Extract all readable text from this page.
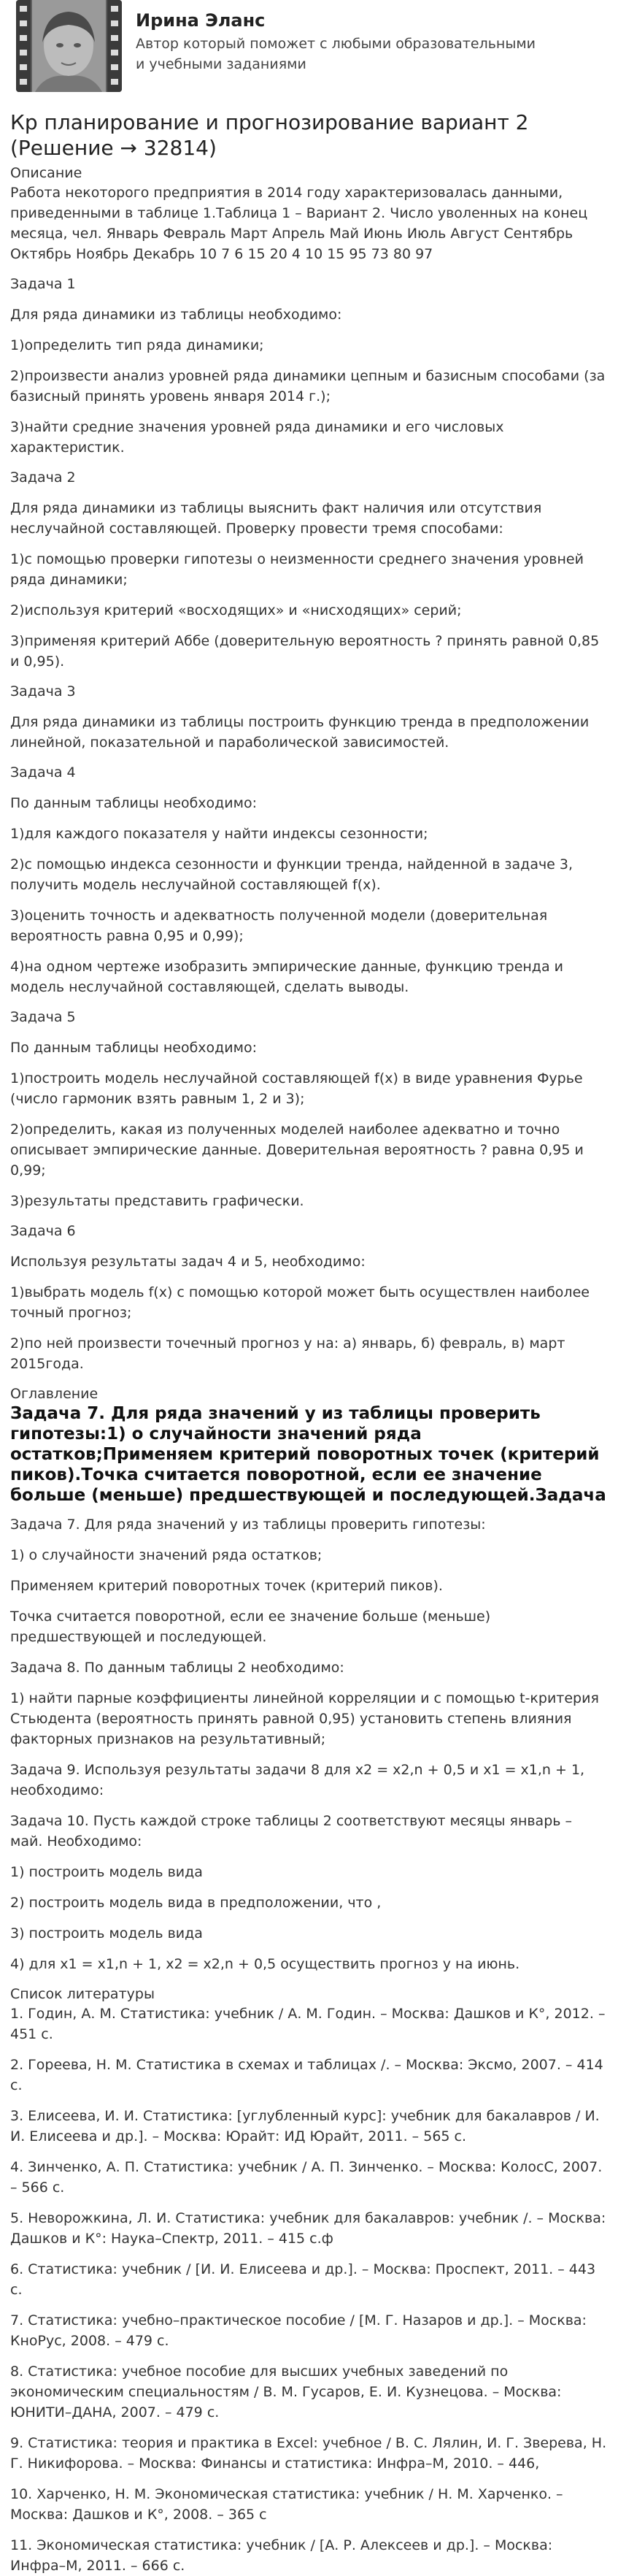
Ирина Эланс
Автор который поможет с любыми образовательными и учебными заданиями
Кр планирование и прогнозирование вариант 2 (Решение → 32814)
Описание
Работа некоторого предприятия в 2014 году характеризовалась данными, приведенными в таблице 1.Таблица 1 – Вариант 2. Число уволенных на конец месяца, чел. Январь Февраль Март Апрель Май Июнь Июль Август Сентябрь Октябрь Ноябрь Декабрь 10 7 6 15 20 4 10 15 95 73 80 97
Задача 1
Для ряда динамики из таблицы необходимо:
1)определить тип ряда динамики;
2)произвести анализ уровней ряда динамики цепным и базисным способами (за базисный принять уровень января 2014 г.);
3)найти средние значения уровней ряда динамики и его числовых характеристик.
Задача 2
Для ряда динамики из таблицы выяснить факт наличия или отсутствия неслучайной составляющей. Проверку провести тремя способами:
1)с помощью проверки гипотезы о неизменности среднего значения уровней ряда динамики;
2)используя критерий «восходящих» и «нисходящих» серий;
3)применяя критерий Аббе (доверительную вероятность ? принять равной 0,85 и 0,95).
Задача 3
Для ряда динамики из таблицы построить функцию тренда в предположении линейной, показательной и параболической зависимостей.
Задача 4
По данным таблицы необходимо:
1)для каждого показателя у найти индексы сезонности;
2)с помощью индекса сезонности и функции тренда, найденной в задаче 3, получить модель неслучайной составляющей f(x).
3)оценить точность и адекватность полученной модели (доверительная вероятность равна 0,95 и 0,99);
4)на одном чертеже изобразить эмпирические данные, функцию тренда и модель неслучайной составляющей, сделать выводы.
Задача 5
По данным таблицы необходимо:
1)построить модель неслучайной составляющей f(x) в виде уравнения Фурье (число гармоник взять равным 1, 2 и 3);
2)определить, какая из полученных моделей наиболее адекватно и точно описывает эмпирические данные. Доверительная вероятность ? равна 0,95 и 0,99;
3)результаты представить графически.
Задача 6
Используя результаты задач 4 и 5, необходимо:
1)выбрать модель f(x) с помощью которой может быть осуществлен наиболее точный прогноз;
2)по ней произвести точечный прогноз у на: а) январь, б) февраль, в) март 2015года.
Оглавление
Задача 7. Для ряда значений у из таблицы проверить гипотезы:1) о случайности значений ряда остатков;Применяем критерий поворотных точек (критерий пиков).Точка считается поворотной, если ее значение больше (меньше) предшествующей и последующей.Задача
Задача 7. Для ряда значений у из таблицы проверить гипотезы:
1) о случайности значений ряда остатков;
Применяем критерий поворотных точек (критерий пиков).
Точка считается поворотной, если ее значение больше (меньше) предшествующей и последующей.
Задача 8. По данным таблицы 2 необходимо:
1) найти парные коэффициенты линейной корреляции и с помощью t-критерия Стьюдента (вероятность принять равной 0,95) установить степень влияния факторных признаков на результативный;
Задача 9. Используя результаты задачи 8 для х2 = х2,n + 0,5 и х1 = х1,n + 1, необходимо:
Задача 10. Пусть каждой строке таблицы 2 соответствуют месяцы январь – май. Необходимо:
1) построить модель вида
2) построить модель вида в предположении, что ,
3) построить модель вида
4) для х1 = х1,n + 1, х2 = х2,n + 0,5 осуществить прогноз у на июнь.
Список литературы
1. Годин, А. М. Статистика: учебник / А. М. Годин. – Москва: Дашков и К°, 2012. – 451 с.
2. Гореева, Н. М. Статистика в схемах и таблицах /. – Москва: Эксмо, 2007. – 414 с.
3. Елисеева, И. И. Статистика: [углубленный курс]: учебник для бакалавров / И. И. Елисеева и др.]. – Москва: Юрайт: ИД Юрайт, 2011. – 565 с.
4. Зинченко, А. П. Статистика: учебник / А. П. Зинченко. – Москва: КолосС, 2007. – 566 с.
5. Неворожкина, Л. И. Статистика: учебник для бакалавров: учебник /. – Москва: Дашков и К°: Наука–Спектр, 2011. – 415 с.ф
6. Статистика: учебник / [И. И. Елисеева и др.]. – Москва: Проспект, 2011. – 443 с.
7. Статистика: учебно–практическое пособие / [М. Г. Назаров и др.]. – Москва: КноРус, 2008. – 479 с.
8. Статистика: учебное пособие для высших учебных заведений по экономическим специальностям / В. М. Гусаров, Е. И. Кузнецова. – Москва: ЮНИТИ–ДАНА, 2007. – 479 с.
9. Статистика: теория и практика в Excel: учебное / В. С. Лялин, И. Г. Зверева, Н. Г. Никифорова. – Москва: Финансы и статистика: Инфра–М, 2010. – 446,
10. Харченко, Н. М. Экономическая статистика: учебник / Н. М. Харченко. – Москва: Дашков и К°, 2008. – 365 с
11. Экономическая статистика: учебник / [А. Р. Алексеев и др.]. – Москва: Инфра–М, 2011. – 666 с.
